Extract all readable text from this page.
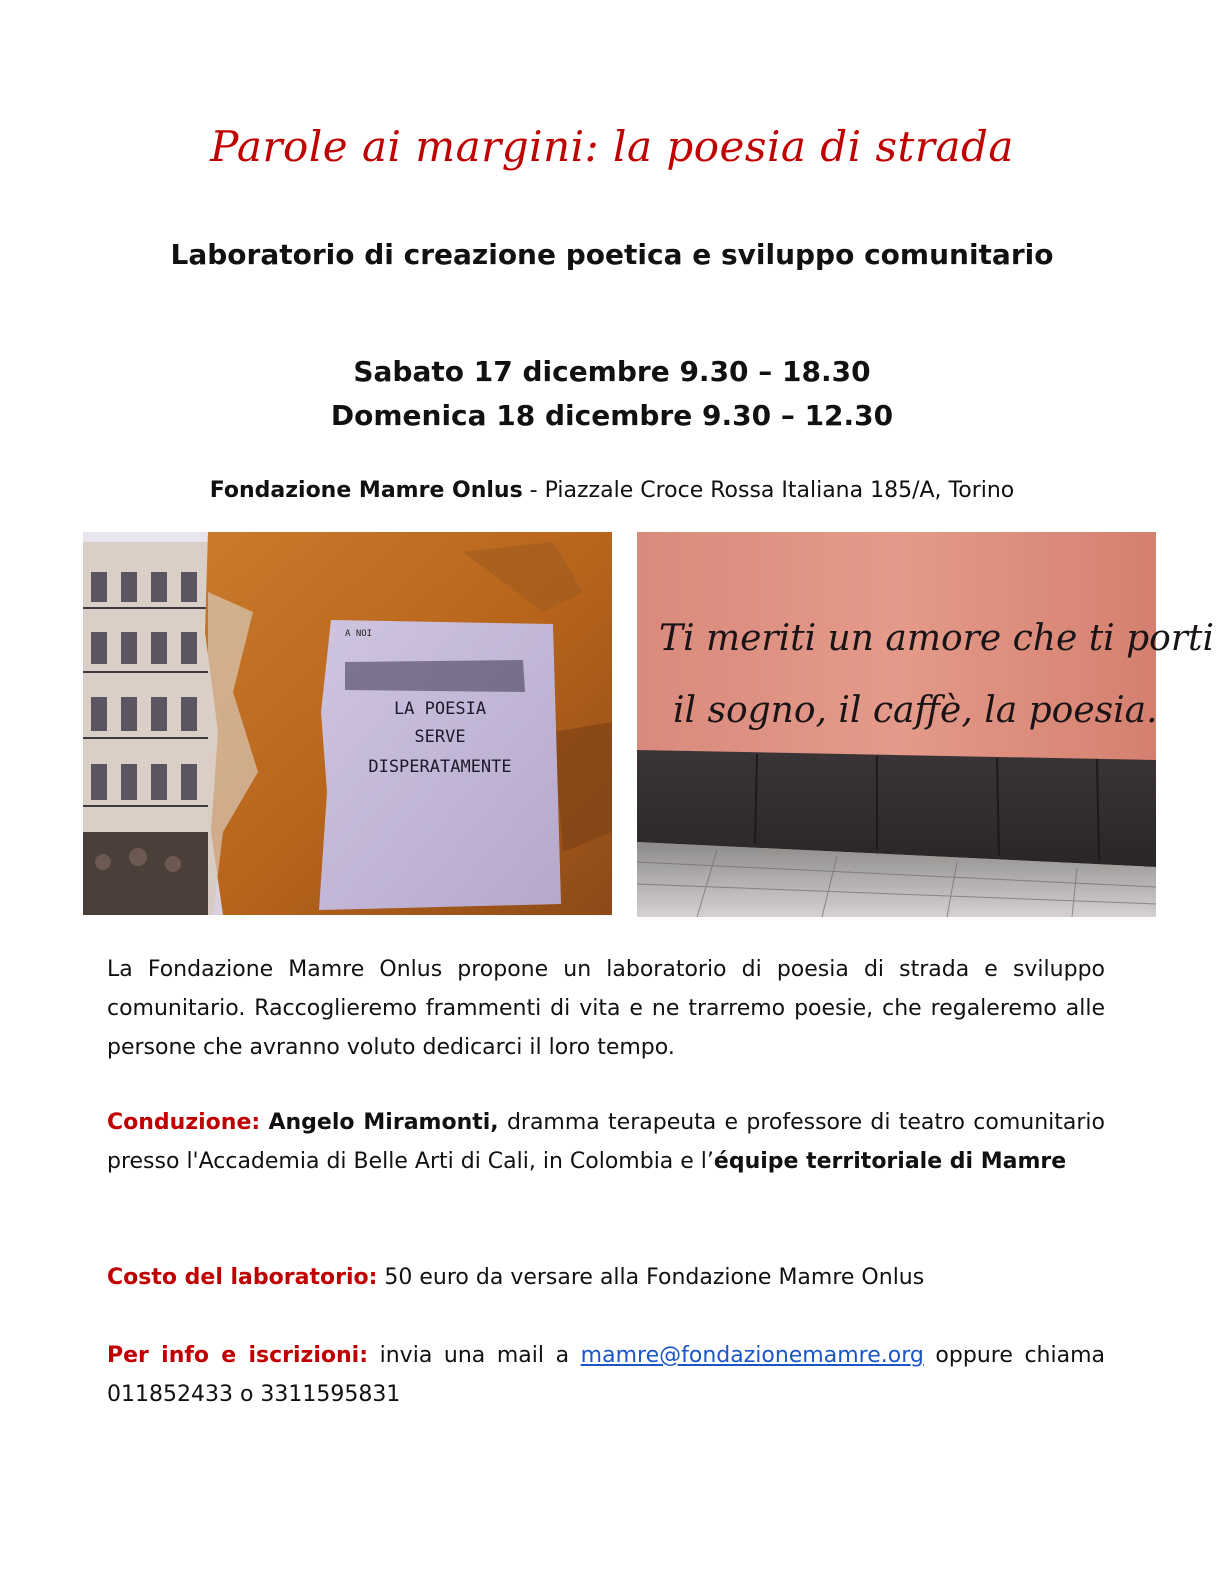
Parole ai margini: la poesia di strada
Laboratorio di creazione poetica e sviluppo comunitario
Sabato 17 dicembre 9.30 – 18.30
Domenica 18 dicembre 9.30 – 12.30
Fondazione Mamre Onlus - Piazzale Croce Rossa Italiana 185/A, Torino
A NOI
LA POESIA
SERVE
DISPERATAMENTE
Ti meriti un amore che ti porti
il sogno, il caffè, la poesia.
La Fondazione Mamre Onlus propone un laboratorio di poesia di strada e sviluppo comunitario. Raccoglieremo frammenti di vita e ne trarremo poesie, che regaleremo alle persone che avranno voluto dedicarci il loro tempo.
Conduzione: Angelo Miramonti, dramma terapeuta e professore di teatro comunitario presso l'Accademia di Belle Arti di Cali, in Colombia e l’équipe territoriale di Mamre
Costo del laboratorio: 50 euro da versare alla Fondazione Mamre Onlus
Per info e iscrizioni: invia una mail a mamre@fondazionemamre.org oppure chiama 011852433 o 3311595831
